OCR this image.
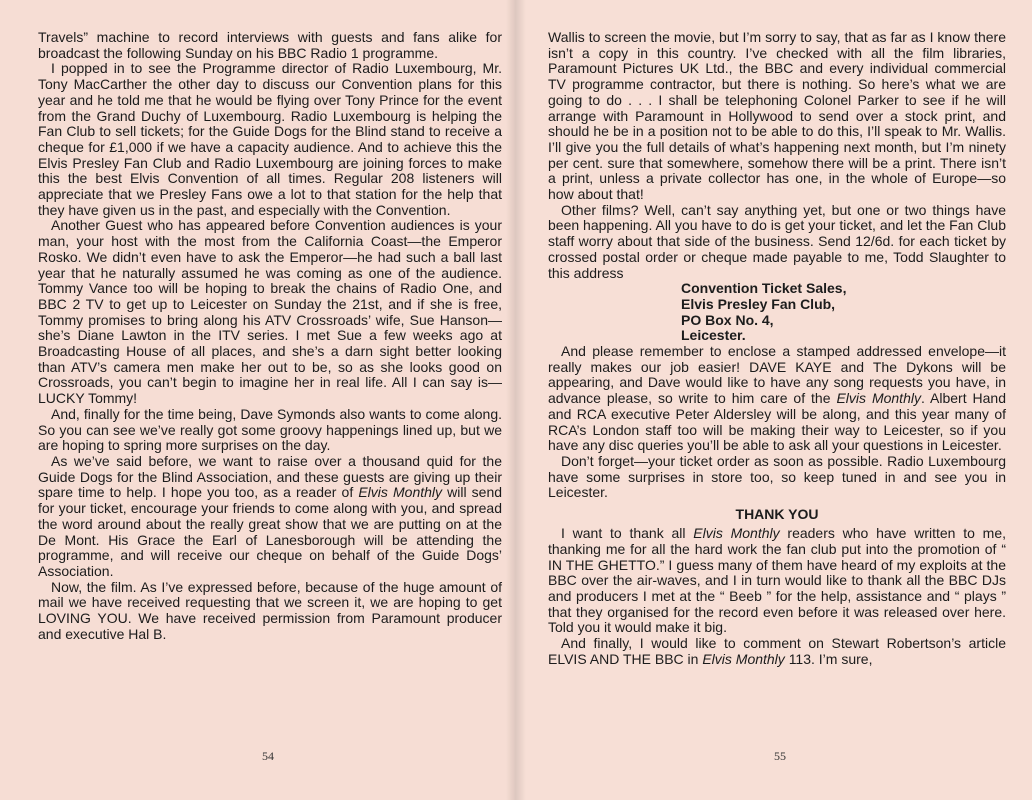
Travels” machine to record interviews with guests and fans alike for broadcast the following Sunday on his BBC Radio 1 programme.

I popped in to see the Programme director of Radio Luxembourg, Mr. Tony MacCarther the other day to discuss our Convention plans for this year and he told me that he would be flying over Tony Prince for the event from the Grand Duchy of Luxembourg. Radio Luxembourg is helping the Fan Club to sell tickets; for the Guide Dogs for the Blind stand to receive a cheque for £1,000 if we have a capacity audience. And to achieve this the Elvis Presley Fan Club and Radio Luxembourg are joining forces to make this the best Elvis Convention of all times. Regular 208 listeners will appreciate that we Presley Fans owe a lot to that station for the help that they have given us in the past, and especially with the Convention.

Another Guest who has appeared before Convention audiences is your man, your host with the most from the California Coast—the Emperor Rosko. We didn’t even have to ask the Emperor—he had such a ball last year that he naturally assumed he was coming as one of the audience. Tommy Vance too will be hoping to break the chains of Radio One, and BBC 2 TV to get up to Leicester on Sunday the 21st, and if she is free, Tommy promises to bring along his ATV Crossroads’ wife, Sue Hanson—she’s Diane Lawton in the ITV series. I met Sue a few weeks ago at Broadcasting House of all places, and she’s a darn sight better looking than ATV’s camera men make her out to be, so as she looks good on Crossroads, you can’t begin to imagine her in real life. All I can say is—LUCKY Tommy!

And, finally for the time being, Dave Symonds also wants to come along. So you can see we’ve really got some groovy happenings lined up, but we are hoping to spring more surprises on the day.

As we’ve said before, we want to raise over a thousand quid for the Guide Dogs for the Blind Association, and these guests are giving up their spare time to help. I hope you too, as a reader of Elvis Monthly will send for your ticket, encourage your friends to come along with you, and spread the word around about the really great show that we are putting on at the De Mont. His Grace the Earl of Lanesborough will be attending the programme, and will receive our cheque on behalf of the Guide Dogs’ Association.

Now, the film. As I’ve expressed before, because of the huge amount of mail we have received requesting that we screen it, we are hoping to get LOVING YOU. We have received permission from Paramount producer and executive Hal B.

54

Wallis to screen the movie, but I’m sorry to say, that as far as I know there isn’t a copy in this country. I’ve checked with all the film libraries, Paramount Pictures UK Ltd., the BBC and every individual commercial TV programme contractor, but there is nothing. So here’s what we are going to do . . . I shall be telephoning Colonel Parker to see if he will arrange with Paramount in Hollywood to send over a stock print, and should he be in a position not to be able to do this, I’ll speak to Mr. Wallis. I’ll give you the full details of what’s happening next month, but I’m ninety per cent. sure that somewhere, somehow there will be a print. There isn’t a print, unless a private collector has one, in the whole of Europe—so how about that!

Other films? Well, can’t say anything yet, but one or two things have been happening. All you have to do is get your ticket, and let the Fan Club staff worry about that side of the business. Send 12/6d. for each ticket by crossed postal order or cheque made payable to me, Todd Slaughter to this address

Convention Ticket Sales,
Elvis Presley Fan Club,
PO Box No. 4,
Leicester.

And please remember to enclose a stamped addressed envelope—it really makes our job easier! DAVE KAYE and The Dykons will be appearing, and Dave would like to have any song requests you have, in advance please, so write to him care of the Elvis Monthly. Albert Hand and RCA executive Peter Aldersley will be along, and this year many of RCA’s London staff too will be making their way to Leicester, so if you have any disc queries you’ll be able to ask all your questions in Leicester.

Don’t forget—your ticket order as soon as possible. Radio Luxembourg have some surprises in store too, so keep tuned in and see you in Leicester.

THANK YOU

I want to thank all Elvis Monthly readers who have written to me, thanking me for all the hard work the fan club put into the promotion of “ IN THE GHETTO.” I guess many of them have heard of my exploits at the BBC over the air-waves, and I in turn would like to thank all the BBC DJs and producers I met at the “ Beeb ” for the help, assistance and “ plays ” that they organised for the record even before it was released over here. Told you it would make it big.

And finally, I would like to comment on Stewart Robertson’s article ELVIS AND THE BBC in Elvis Monthly 113. I’m sure,

55
